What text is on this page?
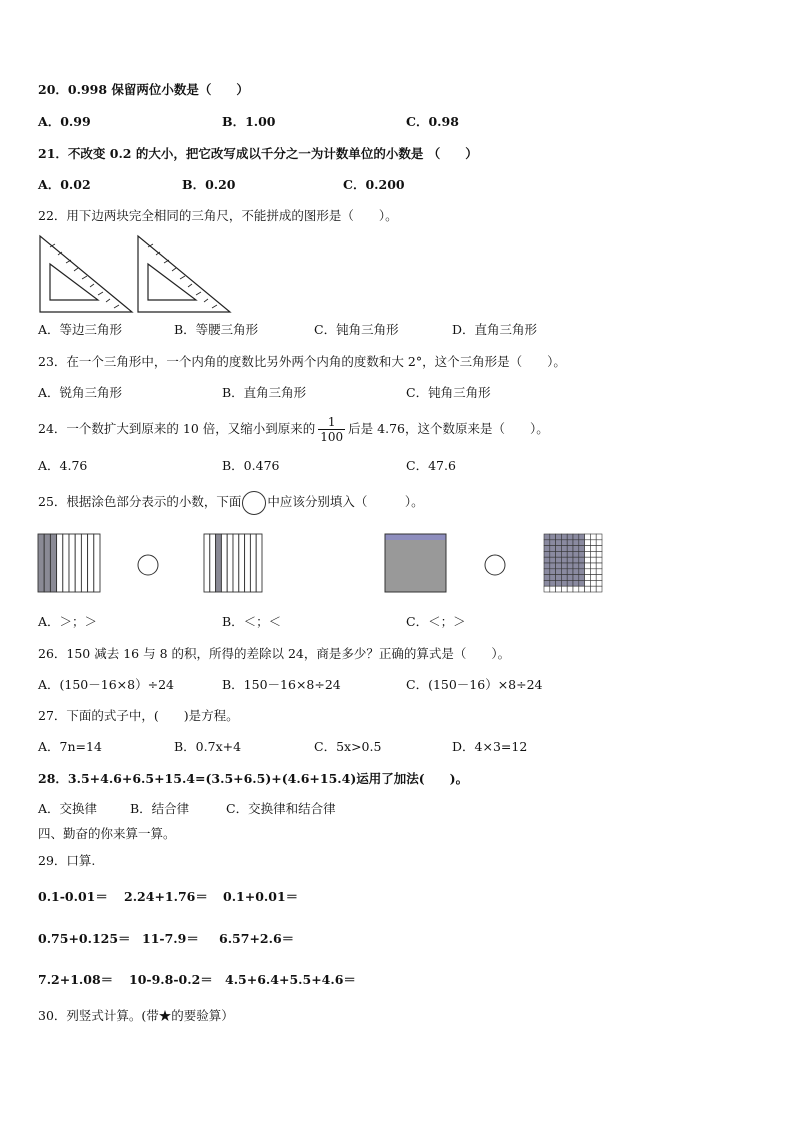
20．0.998 保留两位小数是（　　）
A．0.99	B．1.00	C．0.98
21．不改变 0.2 的大小，把它改写成以千分之一为计数单位的小数是 （　　）
A．0.02	B．0.20	C．0.200
22．用下边两块完全相同的三角尺，不能拼成的图形是（　　）。
A．等边三角形	B．等腰三角形	C．钝角三角形	D．直角三角形
23．在一个三角形中，一个内角的度数比另外两个内角的度数和大 2°，这个三角形是（　　）。
A．锐角三角形	B．直角三角形	C．钝角三角形
24．一个数扩大到原来的 10 倍，又缩小到原来的 $\frac{1}{100}$ 后是 4.76，这个数原来是（　　）。
A．4.76	B．0.476	C．47.6
25．根据涂色部分表示的小数，下面 中应该分别填入（　　　）。
A．＞；＞	B．＜；＜	C．＜；＞
26．150 减去 16 与 8 的积，所得的差除以 24，商是多少？正确的算式是（　　）。
A．(150－16×8）÷24	B．150－16×8÷24	C．(150－16）×8÷24
27．下面的式子中，(　　)是方程。
A．7n=14	B．0.7x+4	C．5x>0.5	D．4×3=12
28．3.5+4.6+6.5+15.4=(3.5+6.5)+(4.6+15.4)运用了加法(　　)。
A．交换律	B．结合律	C．交换律和结合律
四、勤奋的你来算一算。
29．口算.
0.1-0.01＝ 2.24+1.76＝ 0.1+0.01＝
0.75+0.125＝ 11-7.9＝ 6.57+2.6＝
7.2+1.08＝ 10-9.8-0.2＝ 4.5+6.4+5.5+4.6＝
30．列竖式计算。(带★的要验算）
